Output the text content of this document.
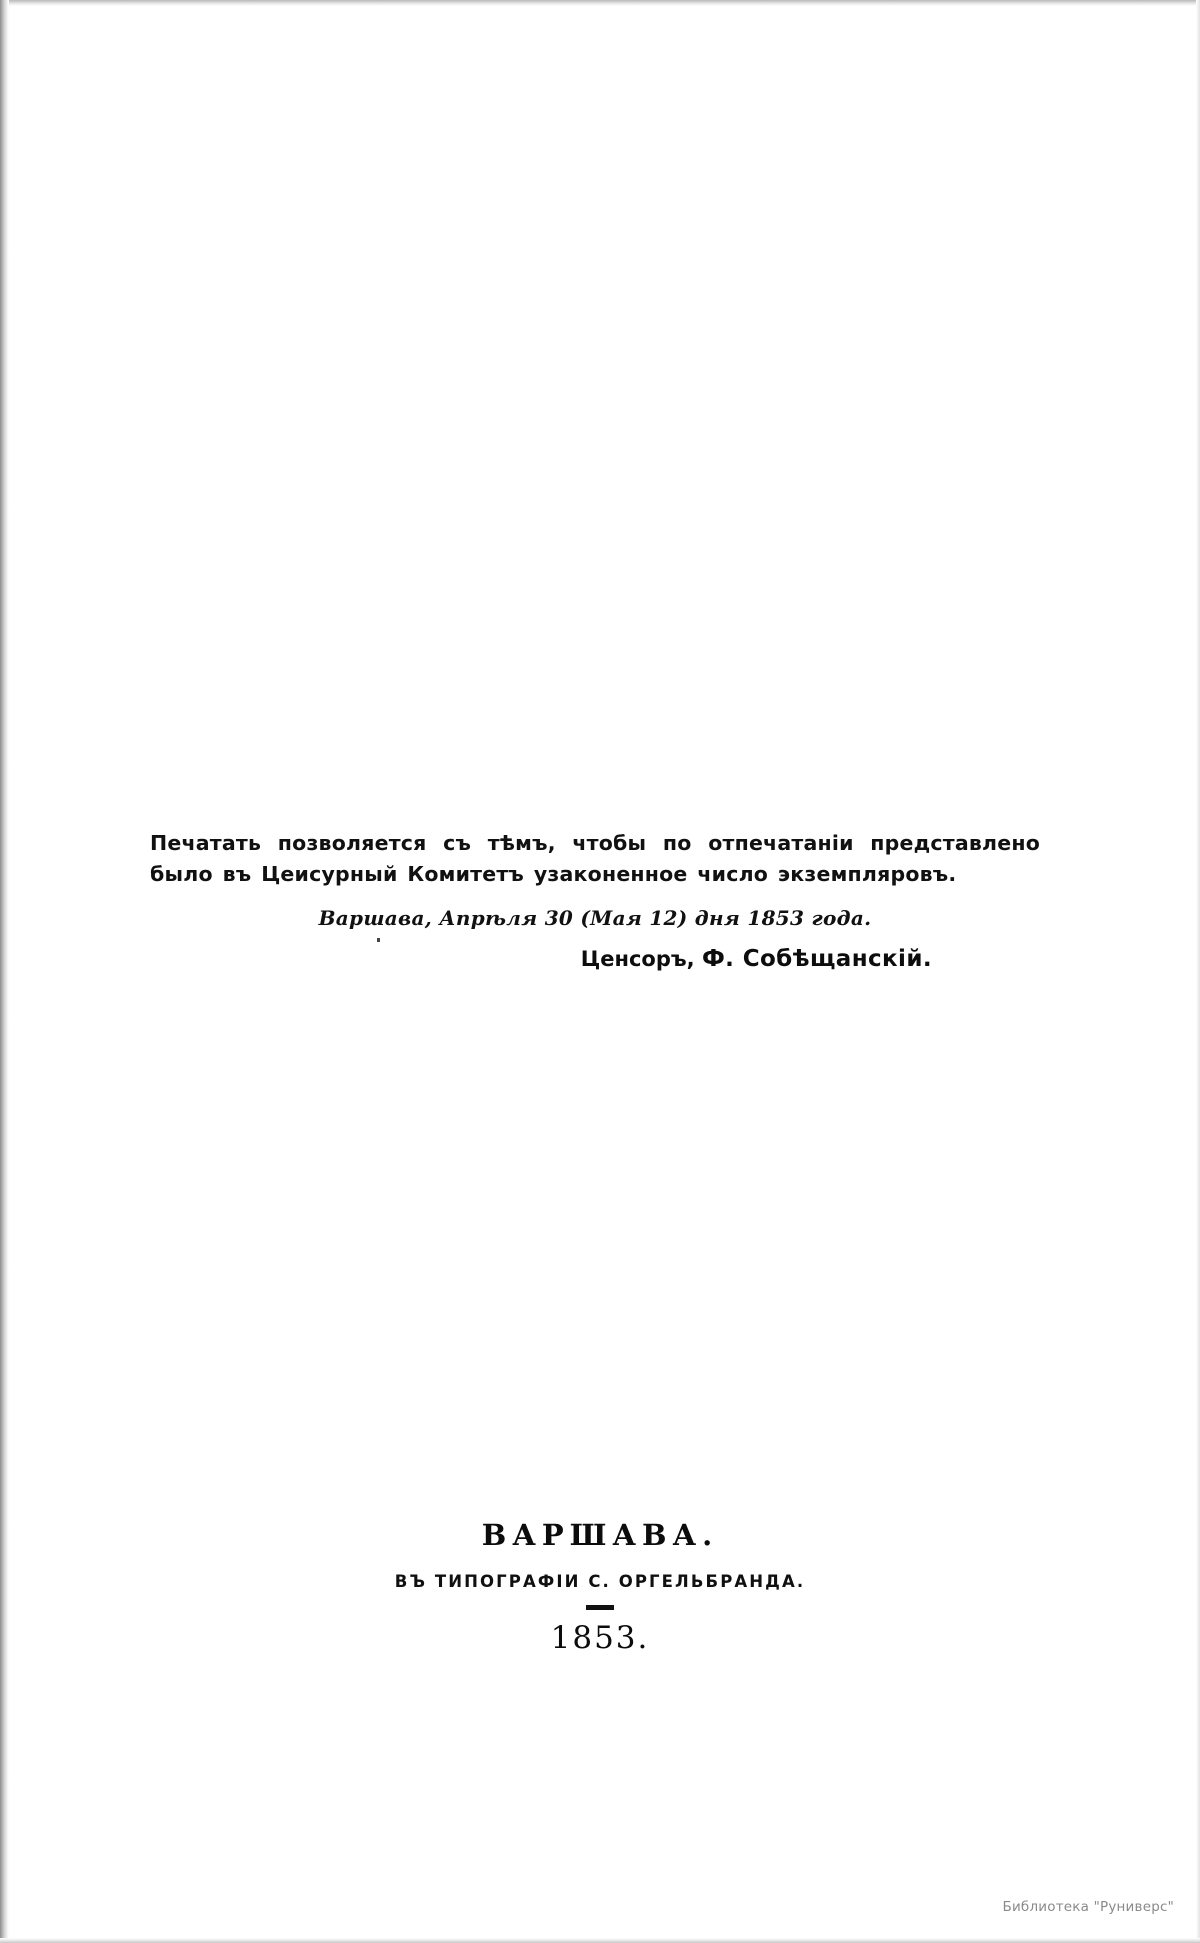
Печатать позволяется съ тѣмъ, чтобы по отпечатанiи представлено было въ Цеисурный Комитетъ узаконенное число экземпляровъ.
Варшава, Апрѣля 30 (Мая 12) дня 1853 года.
Ценсоръ, Ф. Собѣщанскiй.
ВАРШАВА.
ВЪ ТИПОГРАФIИ С. ОРГЕЛЬБРАНДА.
1853.
Библиотека "Руниверс"
